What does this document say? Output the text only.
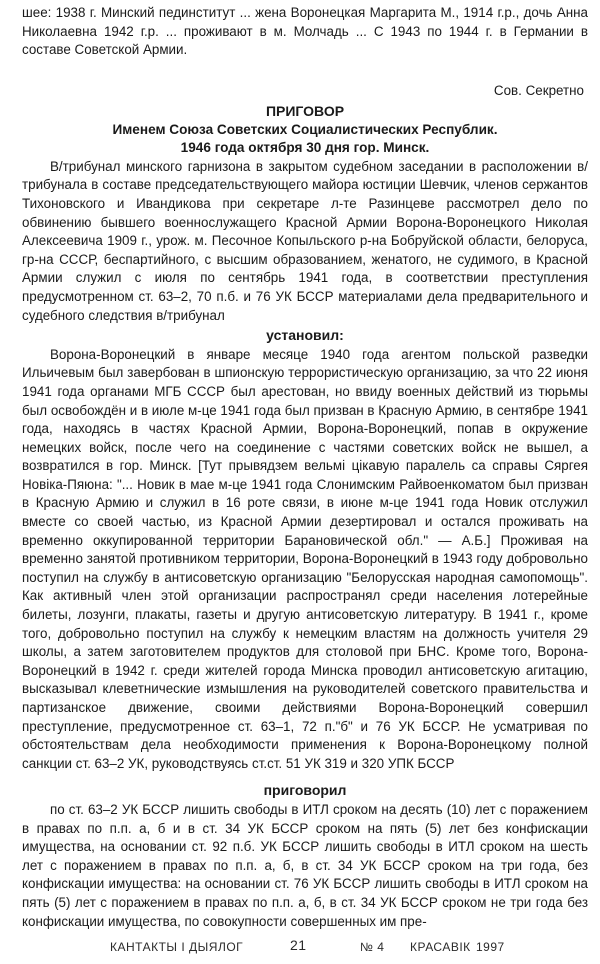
шее: 1938 г. Минский пединститут ... жена Воронецкая Маргарита М., 1914 г.р., дочь Анна Николаевна 1942 г.р. ... проживают в м. Молчадь ... С 1943 по 1944 г. в Германии в составе Советской Армии.

Сов. Секретно

ПРИГОВОР

Именем Союза Советских Социалистических Республик.

1946 года октября 30 дня гор. Минск.

В/трибунал минского гарнизона в закрытом судебном заседании в расположении в/трибунала в составе председательствующего майора юстиции Шевчик, членов сержантов Тихоновского и Ивандикова при секретаре л-те Разинцеве рассмотрел дело по обвинению бывшего военнослужащего Красной Армии Ворона-Воронецкого Николая Алексеевича 1909 г., урож. м. Песочное Копыльского р-на Бобруйской области, белоруса, гр-на СССР, беспартийного, с высшим образованием, женатого, не судимого, в Красной Армии служил с июля по сентябрь 1941 года, в соответствии преступления предусмотренном ст. 63–2, 70 п.б. и 76 УК БССР материалами дела предварительного и судебного следствия в/трибунал

установил:

Ворона-Воронецкий в январе месяце 1940 года агентом польской разведки Ильичевым был завербован в шпионскую террористическую организацию, за что 22 июня 1941 года органами МГБ СССР был арестован, но ввиду военных действий из тюрьмы был освобождён и в июле м-це 1941 года был призван в Красную Армию, в сентябре 1941 года, находясь в частях Красной Армии, Ворона-Воронецкий, попав в окружение немецких войск, после чего на соединение с частями советских войск не вышел, а возвратился в гор. Минск. [Тут прывядзем вельмі цікавую паралель са справы Сяргея Новіка-Пяюна: "... Новик в мае м-це 1941 года Слонимским Райвоенкоматом был призван в Красную Армию и служил в 16 роте связи, в июне м-це 1941 года Новик отслужил вместе со своей частью, из Красной Армии дезертировал и остался проживать на временно оккупированной территории Барановической обл." — А.Б.] Проживая на временно занятой противником территории, Ворона-Воронецкий в 1943 году добровольно поступил на службу в антисоветскую организацию "Белорусская народная самопомощь". Как активный член этой организации распространял среди населения лотерейные билеты, лозунги, плакаты, газеты и другую антисоветскую литературу. В 1941 г., кроме того, добровольно поступил на службу к немецким властям на должность учителя 29 школы, а затем заготовителем продуктов для столовой при БНС. Кроме того, Ворона-Воронецкий в 1942 г. среди жителей города Минска проводил антисоветскую агитацию, высказывал клеветнические измышления на руководителей советского правительства и партизанское движение, своими действиями Ворона-Воронецкий совершил преступление, предусмотренное ст. 63–1, 72 п."б" и 76 УК БССР. Не усматривая по обстоятельствам дела необходимости применения к Ворона-Воронецкому полной санкции ст. 63–2 УК, руководствуясь ст.ст. 51 УК 319 и 320 УПК БССР

приговорил

по ст. 63–2 УК БССР лишить свободы в ИТЛ сроком на десять (10) лет с поражением в правах по п.п. а, б и в ст. 34 УК БССР сроком на пять (5) лет без конфискации имущества, на основании ст. 92 п.б. УК БССР лишить свободы в ИТЛ сроком на шесть лет с поражением в правах по п.п. а, б, в ст. 34 УК БССР сроком на три года, без конфискации имущества: на основании ст. 76 УК БССР лишить свободы в ИТЛ сроком на пять (5) лет с поражением в правах по п.п. а, б, в ст. 34 УК БССР сроком не три года без конфискации имущества, по совокупности совершенных им пре-

КАНТАКТЫ І ДЫЯЛОГ	21	№ 4 КРАСАВІК 1997
